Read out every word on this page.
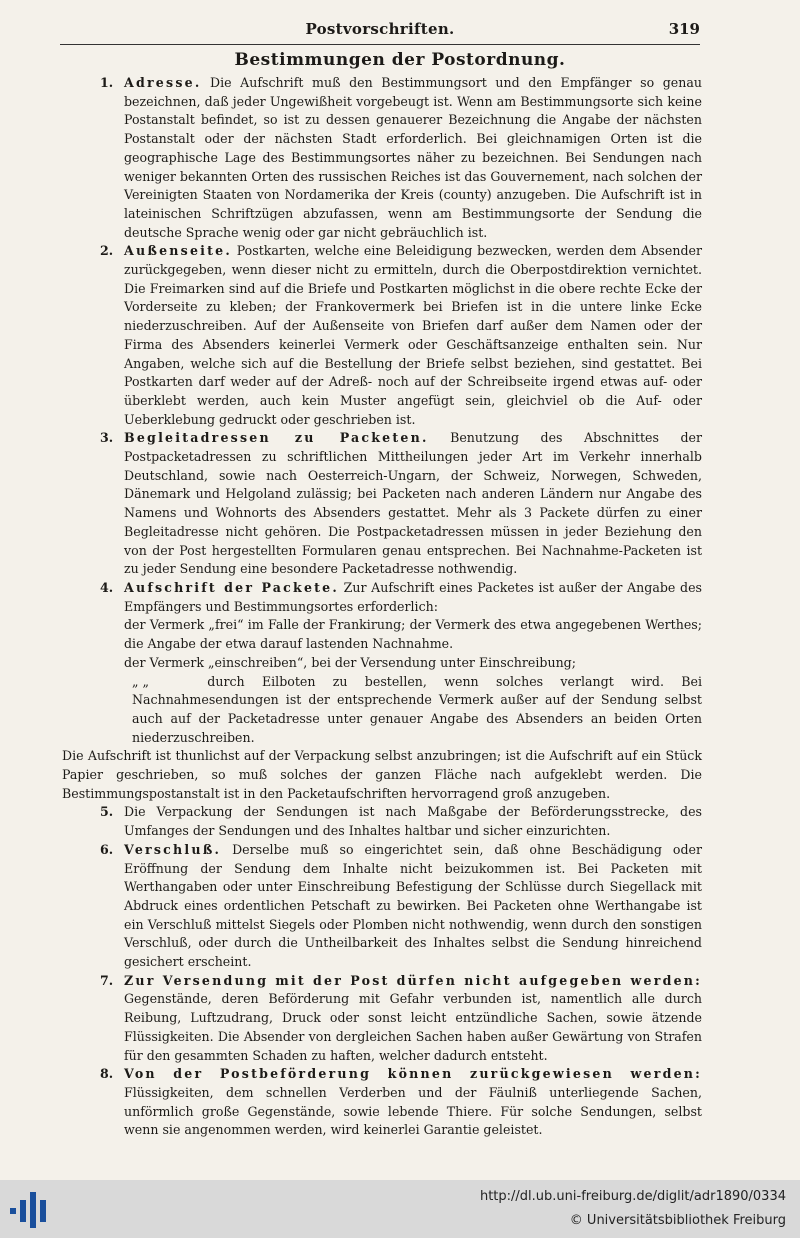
Postvorschriften.	319
Bestimmungen der Postordnung.
1. Adresse. Die Aufschrift muß den Bestimmungsort und den Empfänger so genau bezeichnen, daß jeder Ungewißheit vorgebeugt ist. Wenn am Bestimmungsorte sich keine Postanstalt befindet, so ist zu dessen genauerer Bezeichnung die Angabe der nächsten Postanstalt oder der nächsten Stadt erforderlich. Bei gleichnamigen Orten ist die geographische Lage des Bestimmungsortes näher zu bezeichnen. Bei Sendungen nach weniger bekannten Orten des russischen Reiches ist das Gouvernement, nach solchen der Vereinigten Staaten von Nordamerika der Kreis (county) anzugeben. Die Aufschrift ist in lateinischen Schriftzügen abzufassen, wenn am Bestimmungsorte der Sendung die deutsche Sprache wenig oder gar nicht gebräuchlich ist.
2. Außenseite. Postkarten, welche eine Beleidigung bezwecken, werden dem Absender zurückgegeben, wenn dieser nicht zu ermitteln, durch die Oberpostdirektion vernichtet. Die Freimarken sind auf die Briefe und Postkarten möglichst in die obere rechte Ecke der Vorderseite zu kleben; der Frankovermerk bei Briefen ist in die untere linke Ecke niederzuschreiben. Auf der Außenseite von Briefen darf außer dem Namen oder der Firma des Absenders keinerlei Vermerk oder Geschäftsanzeige enthalten sein. Nur Angaben, welche sich auf die Bestellung der Briefe selbst beziehen, sind gestattet. Bei Postkarten darf weder auf der Adreß- noch auf der Schreibseite irgend etwas auf- oder überklebt werden, auch kein Muster angefügt sein, gleichviel ob die Auf- oder Ueberklebung gedruckt oder geschrieben ist.
3. Begleitadressen zu Packeten. Benutzung des Abschnittes der Postpacketadressen zu schriftlichen Mittheilungen jeder Art im Verkehr innerhalb Deutschland, sowie nach Oesterreich-Ungarn, der Schweiz, Norwegen, Schweden, Dänemark und Helgoland zulässig; bei Packeten nach anderen Ländern nur Angabe des Namens und Wohnorts des Absenders gestattet. Mehr als 3 Packete dürfen zu einer Begleitadresse nicht gehören. Die Postpacketadressen müssen in jeder Beziehung den von der Post hergestellten Formularen genau entsprechen. Bei Nachnahme-Packeten ist zu jeder Sendung eine besondere Packetadresse nothwendig.
4. Aufschrift der Packete. Zur Aufschrift eines Packetes ist außer der Angabe des Empfängers und Bestimmungsortes erforderlich:
der Vermerk „frei“ im Falle der Frankirung; der Vermerk des etwa angegebenen Werthes; die Angabe der etwa darauf lastenden Nachnahme.
der Vermerk „einschreiben“, bei der Versendung unter Einschreibung;
„ „	durch Eilboten zu bestellen, wenn solches verlangt wird. Bei Nachnahmesendungen ist der entsprechende Vermerk außer auf der Sendung selbst auch auf der Packetadresse unter genauer Angabe des Absenders an beiden Orten niederzuschreiben.
Die Aufschrift ist thunlichst auf der Verpackung selbst anzubringen; ist die Aufschrift auf ein Stück Papier geschrieben, so muß solches der ganzen Fläche nach aufgeklebt werden. Die Bestimmungspostanstalt ist in den Packetaufschriften hervorragend groß anzugeben.
5. Die Verpackung der Sendungen ist nach Maßgabe der Beförderungsstrecke, des Umfanges der Sendungen und des Inhaltes haltbar und sicher einzurichten.
6. Verschluß. Derselbe muß so eingerichtet sein, daß ohne Beschädigung oder Eröffnung der Sendung dem Inhalte nicht beizukommen ist. Bei Packeten mit Werthangaben oder unter Einschreibung Befestigung der Schlüsse durch Siegellack mit Abdruck eines ordentlichen Petschaft zu bewirken. Bei Packeten ohne Werthangabe ist ein Verschluß mittelst Siegels oder Plomben nicht nothwendig, wenn durch den sonstigen Verschluß, oder durch die Untheilbarkeit des Inhaltes selbst die Sendung hinreichend gesichert erscheint.
7. Zur Versendung mit der Post dürfen nicht aufgegeben werden: Gegenstände, deren Beförderung mit Gefahr verbunden ist, namentlich alle durch Reibung, Luftzudrang, Druck oder sonst leicht entzündliche Sachen, sowie ätzende Flüssigkeiten. Die Absender von dergleichen Sachen haben außer Gewärtung von Strafen für den gesammten Schaden zu haften, welcher dadurch entsteht.
8. Von der Postbeförderung können zurückgewiesen werden: Flüssigkeiten, dem schnellen Verderben und der Fäulniß unterliegende Sachen, unförmlich große Gegenstände, sowie lebende Thiere. Für solche Sendungen, selbst wenn sie angenommen werden, wird keinerlei Garantie geleistet.
http://dl.ub.uni-freiburg.de/diglit/adr1890/0334
© Universitätsbibliothek Freiburg
